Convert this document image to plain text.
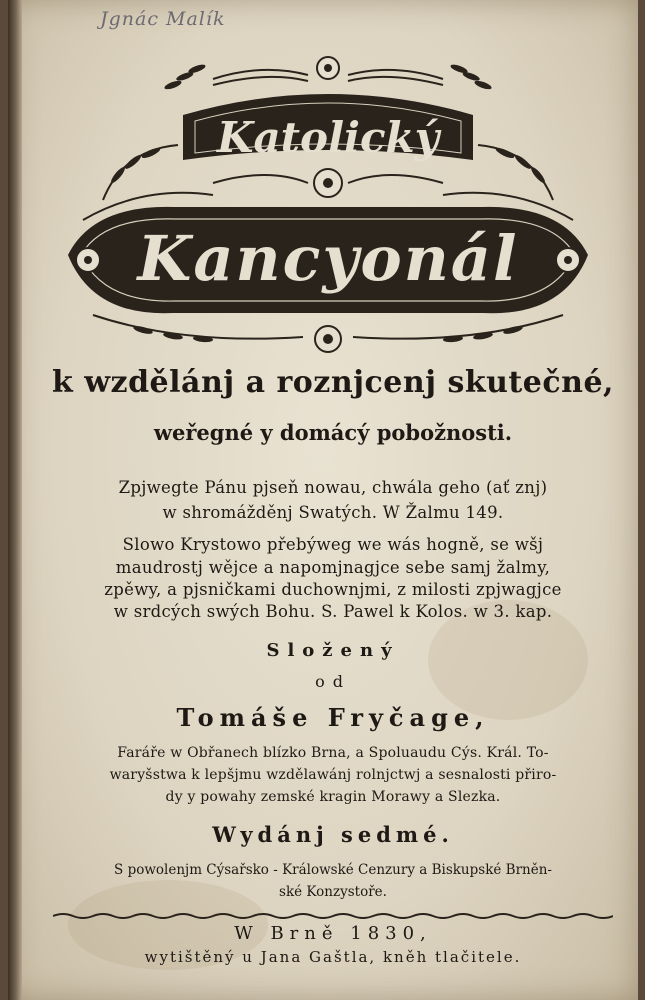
Jgnác Malík
Katolický
Kancyonál
k wzdělánj a roznjcenj skutečné,
weřegné y domácý pobožnosti.
Zpjwegte Pánu pjseň nowau, chwála geho (ať znj)
w shromážděnj Swatých. W Žalmu 149.
Slowo Krystowo přebýweg we wás hogně, se wšj
maudrostj wěјce a napomjnagjce sebe samj žalmy,
zpěwy, a pjsničkami duchownjmi, z milosti zpjwagjce
w srdcých swých Bohu. S. Pawel k Kolos. w 3. kap.
Složený
od
Tomáše Fryčage,
Faráře w Obřanech blízko Brna, a Spoluaudu Cýs. Král. To-
waryšstwa k lepšjmu wzdělawánj rolnjctwj a sesnalosti přiro-
dy y powahy zemské kragin Morawy a Slezka.
Wydánj sedmé.
S powolenjm Cýsařsko - Králowské Cenzury a Biskupské Brněn-
ské Konzystoře.
W Brně 1830,
wytištěný u Jana Gaštla, kněh tlačitele.
